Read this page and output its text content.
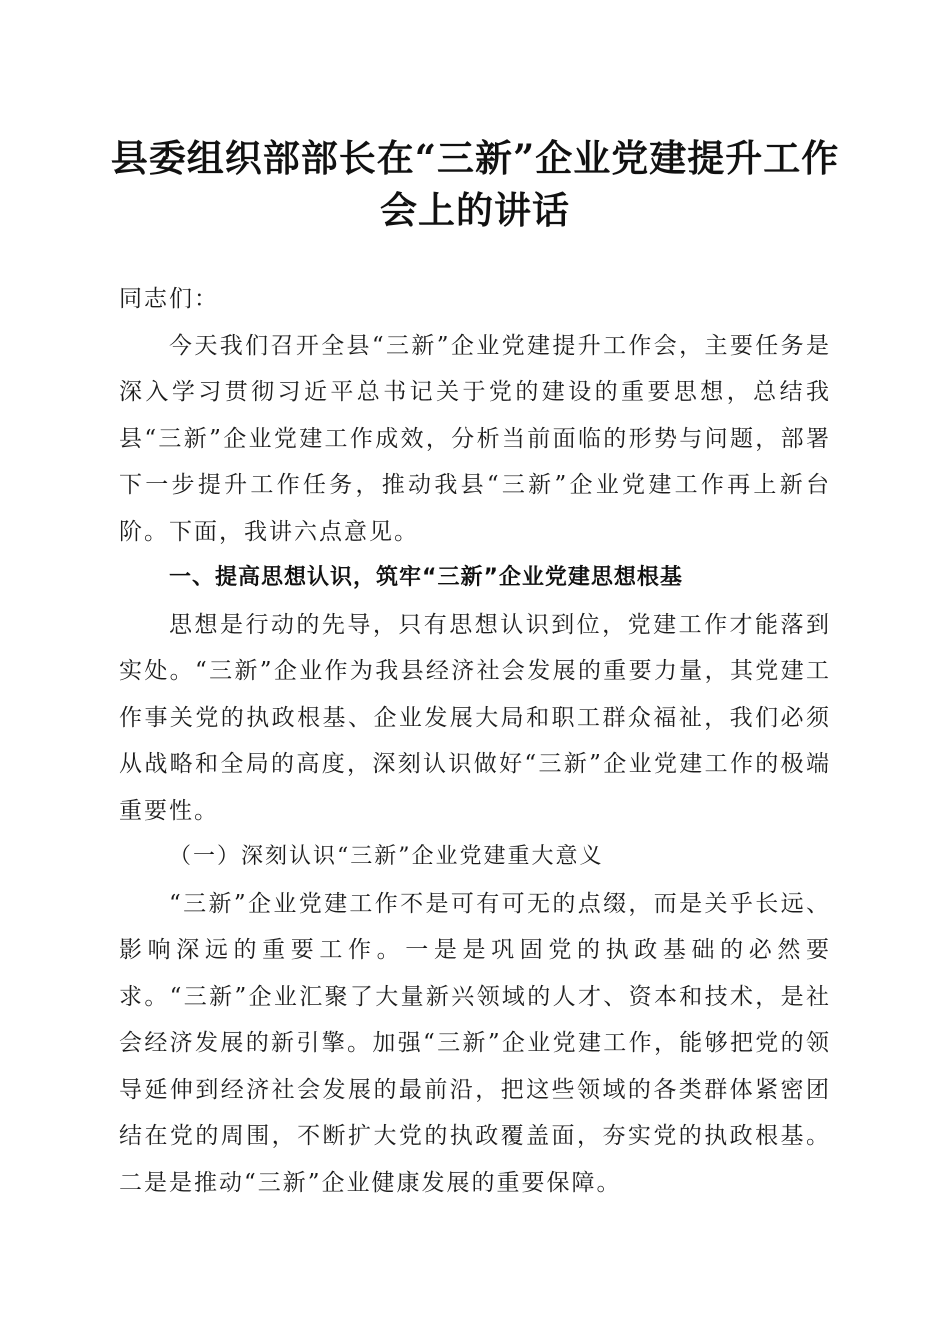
县委组织部部长在“三新”企业党建提升工作
会上的讲话

同志们：

今天我们召开全县“三新”企业党建提升工作会，主要任务是深入学习贯彻习近平总书记关于党的建设的重要思想，总结我县“三新”企业党建工作成效，分析当前面临的形势与问题，部署下一步提升工作任务，推动我县“三新”企业党建工作再上新台阶。下面，我讲六点意见。

一、提高思想认识，筑牢“三新”企业党建思想根基

思想是行动的先导，只有思想认识到位，党建工作才能落到实处。“三新”企业作为我县经济社会发展的重要力量，其党建工作事关党的执政根基、企业发展大局和职工群众福祉，我们必须从战略和全局的高度，深刻认识做好“三新”企业党建工作的极端重要性。

（一）深刻认识“三新”企业党建重大意义

“三新”企业党建工作不是可有可无的点缀，而是关乎长远、影响深远的重要工作。一是是巩固党的执政基础的必然要求。“三新”企业汇聚了大量新兴领域的人才、资本和技术，是社会经济发展的新引擎。加强“三新”企业党建工作，能够把党的领导延伸到经济社会发展的最前沿，把这些领域的各类群体紧密团结在党的周围，不断扩大党的执政覆盖面，夯实党的执政根基。二是是推动“三新”企业健康发展的重要保障。
